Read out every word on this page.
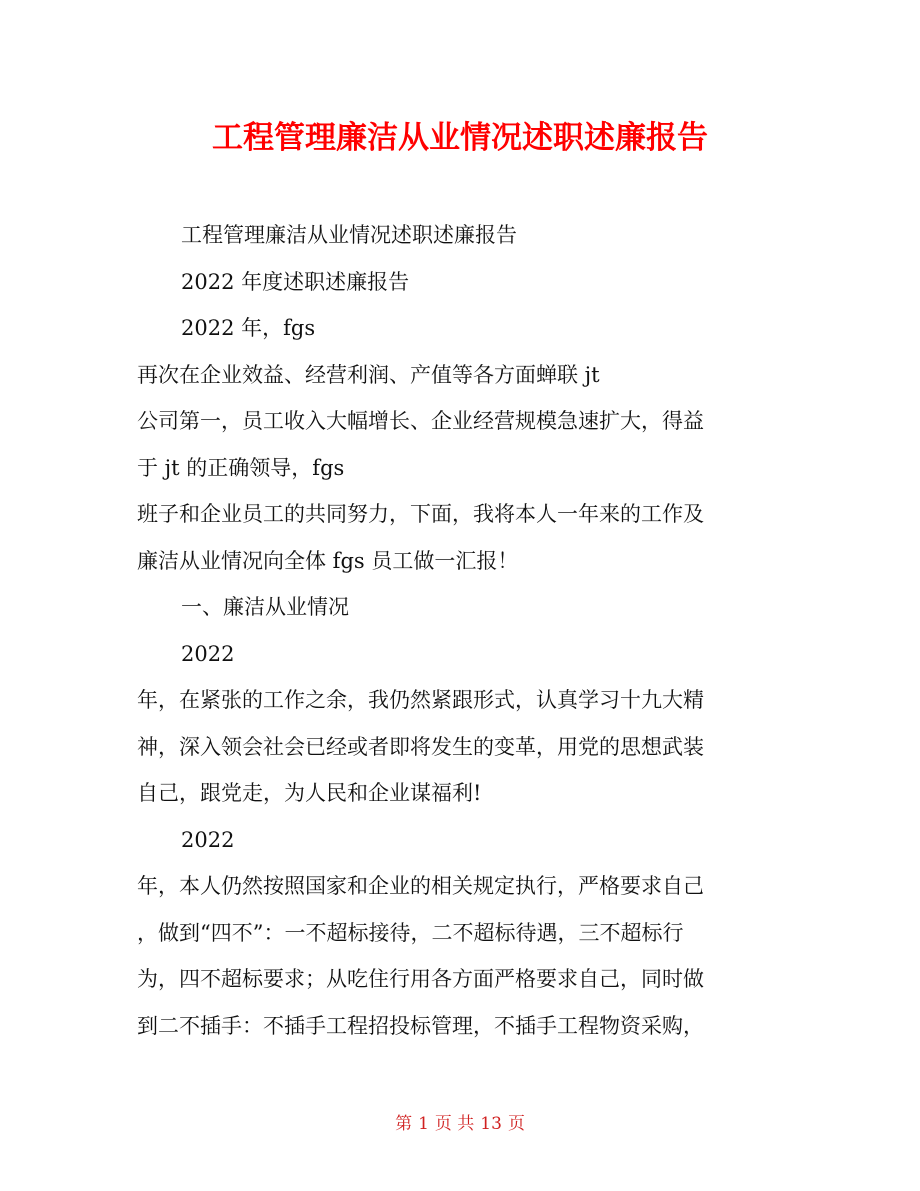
工程管理廉洁从业情况述职述廉报告

工程管理廉洁从业情况述职述廉报告

2022 年度述职述廉报告

2022 年，fgs

再次在企业效益、经营利润、产值等各方面蝉联 jt

公司第一，员工收入大幅增长、企业经营规模急速扩大，得益

于 jt 的正确领导，fgs

班子和企业员工的共同努力，下面，我将本人一年来的工作及

廉洁从业情况向全体 fgs 员工做一汇报！

一、廉洁从业情况

2022

年，在紧张的工作之余，我仍然紧跟形式，认真学习十九大精

神，深入领会社会已经或者即将发生的变革，用党的思想武装

自己，跟党走，为人民和企业谋福利!

2022

年，本人仍然按照国家和企业的相关规定执行，严格要求自己

，做到“四不”：一不超标接待，二不超标待遇，三不超标行

为，四不超标要求；从吃住行用各方面严格要求自己，同时做

到二不插手：不插手工程招投标管理，不插手工程物资采购，

第 1 页 共 13 页
